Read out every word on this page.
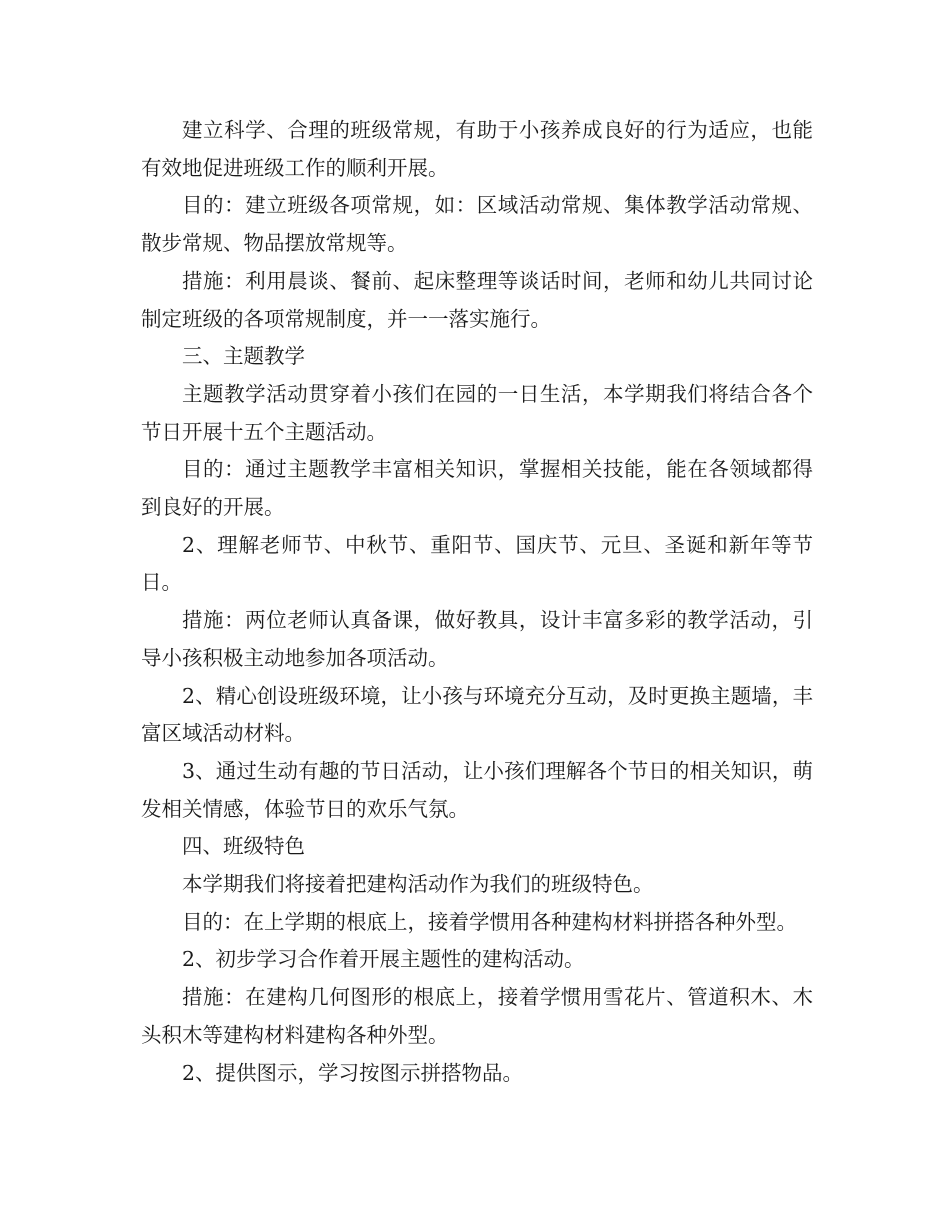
建立科学、合理的班级常规，有助于小孩养成良好的行为适应，也能有效地促进班级工作的顺利开展。

目的：建立班级各项常规，如：区域活动常规、集体教学活动常规、散步常规、物品摆放常规等。

措施：利用晨谈、餐前、起床整理等谈话时间，老师和幼儿共同讨论制定班级的各项常规制度，并一一落实施行。

三、主题教学

主题教学活动贯穿着小孩们在园的一日生活，本学期我们将结合各个节日开展十五个主题活动。

目的：通过主题教学丰富相关知识，掌握相关技能，能在各领域都得到良好的开展。

2、理解老师节、中秋节、重阳节、国庆节、元旦、圣诞和新年等节日。

措施：两位老师认真备课，做好教具，设计丰富多彩的教学活动，引导小孩积极主动地参加各项活动。

2、精心创设班级环境，让小孩与环境充分互动，及时更换主题墙，丰富区域活动材料。

3、通过生动有趣的节日活动，让小孩们理解各个节日的相关知识，萌发相关情感，体验节日的欢乐气氛。

四、班级特色

本学期我们将接着把建构活动作为我们的班级特色。

目的：在上学期的根底上，接着学惯用各种建构材料拼搭各种外型。

2、初步学习合作着开展主题性的建构活动。

措施：在建构几何图形的根底上，接着学惯用雪花片、管道积木、木头积木等建构材料建构各种外型。

2、提供图示，学习按图示拼搭物品。
